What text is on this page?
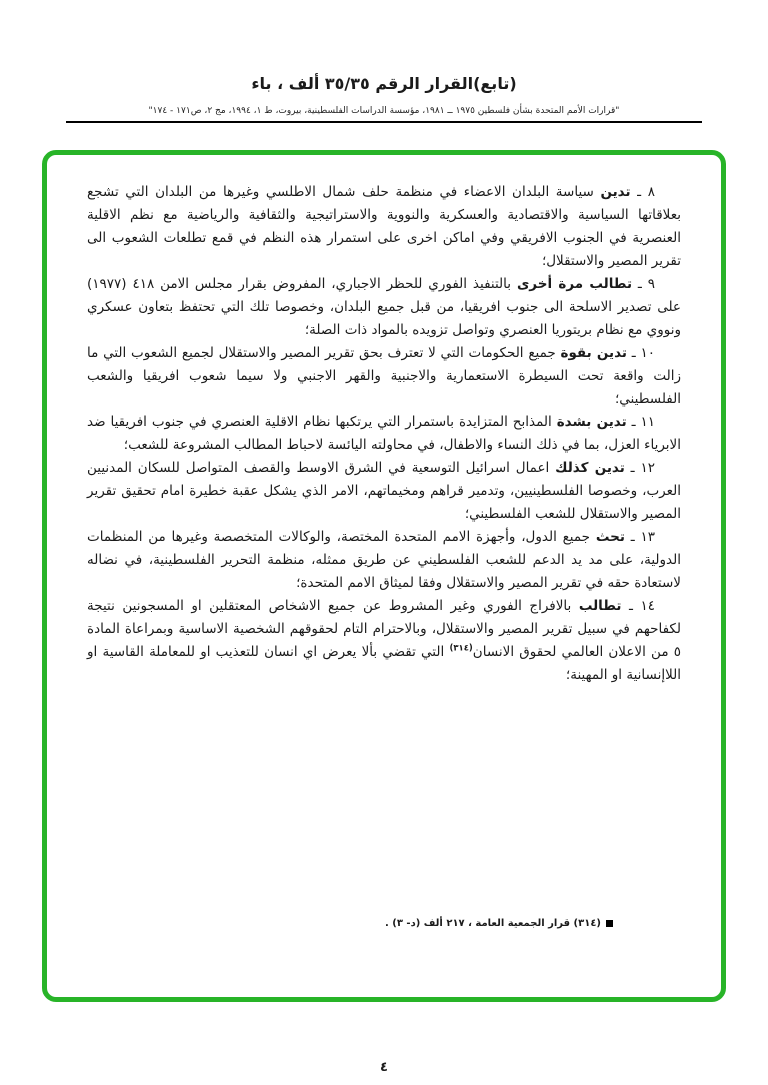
(تابع)القرار الرقم ٣٥/٣٥ ألف ، باء
"قرارات الأمم المتحدة بشأن فلسطين ١٩٧٥ ــ ١٩٨١، مؤسسة الدراسات الفلسطينية، بيروت، ط ١، ١٩٩٤، مج ٢، ص١٧١ - ١٧٤"

٨ ـ تدين سياسة البلدان الاعضاء في منظمة حلف شمال الاطلسي وغيرها من البلدان التي تشجع بعلاقاتها السياسية والاقتصادية والعسكرية والنووية والاستراتيجية والثقافية والرياضية مع نظم الاقلية العنصرية في الجنوب الافريقي وفي اماكن اخرى على استمرار هذه النظم في قمع تطلعات الشعوب الى تقرير المصير والاستقلال؛

٩ ـ تطالب مرة أخرى بالتنفيذ الفوري للحظر الاجباري، المفروض بقرار مجلس الامن ٤١٨ (١٩٧٧) على تصدير الاسلحة الى جنوب افريقيا، من قبل جميع البلدان، وخصوصا تلك التي تحتفظ بتعاون عسكري ونووي مع نظام بريتوريا العنصري وتواصل تزويده بالمواد ذات الصلة؛

١٠ ـ تدين بقوة جميع الحكومات التي لا تعترف بحق تقرير المصير والاستقلال لجميع الشعوب التي ما زالت واقعة تحت السيطرة الاستعمارية والاجنبية والقهر الاجنبي ولا سيما شعوب افريقيا والشعب الفلسطيني؛

١١ ـ تدين بشدة المذابح المتزايدة باستمرار التي يرتكبها نظام الاقلية العنصري في جنوب افريقيا ضد الابرياء العزل، بما في ذلك النساء والاطفال، في محاولته اليائسة لاحباط المطالب المشروعة للشعب؛

١٢ ـ تدين كذلك اعمال اسرائيل التوسعية في الشرق الاوسط والقصف المتواصل للسكان المدنيين العرب، وخصوصا الفلسطينيين، وتدمير قراهم ومخيماتهم، الامر الذي يشكل عقبة خطيرة امام تحقيق تقرير المصير والاستقلال للشعب الفلسطيني؛

١٣ ـ تحث جميع الدول، وأجهزة الامم المتحدة المختصة، والوكالات المتخصصة وغيرها من المنظمات الدولية، على مد يد الدعم للشعب الفلسطيني عن طريق ممثله، منظمة التحرير الفلسطينية، في نضاله لاستعادة حقه في تقرير المصير والاستقلال وفقا لميثاق الامم المتحدة؛

١٤ ـ تطالب بالافراج الفوري وغير المشروط عن جميع الاشخاص المعتقلين او المسجونين نتيجة لكفاحهم في سبيل تقرير المصير والاستقلال، وبالاحترام التام لحقوقهم الشخصية الاساسية وبمراعاة المادة ٥ من الاعلان العالمي لحقوق الانسان$^{(٣١٤)}$ التي تقضي بألا يعرض اي انسان للتعذيب او للمعاملة القاسية او اللاإنسانية او المهينة؛

(٣١٤) قرار الجمعية العامة ، ٢١٧ ألف (د- ٣) .
٤
